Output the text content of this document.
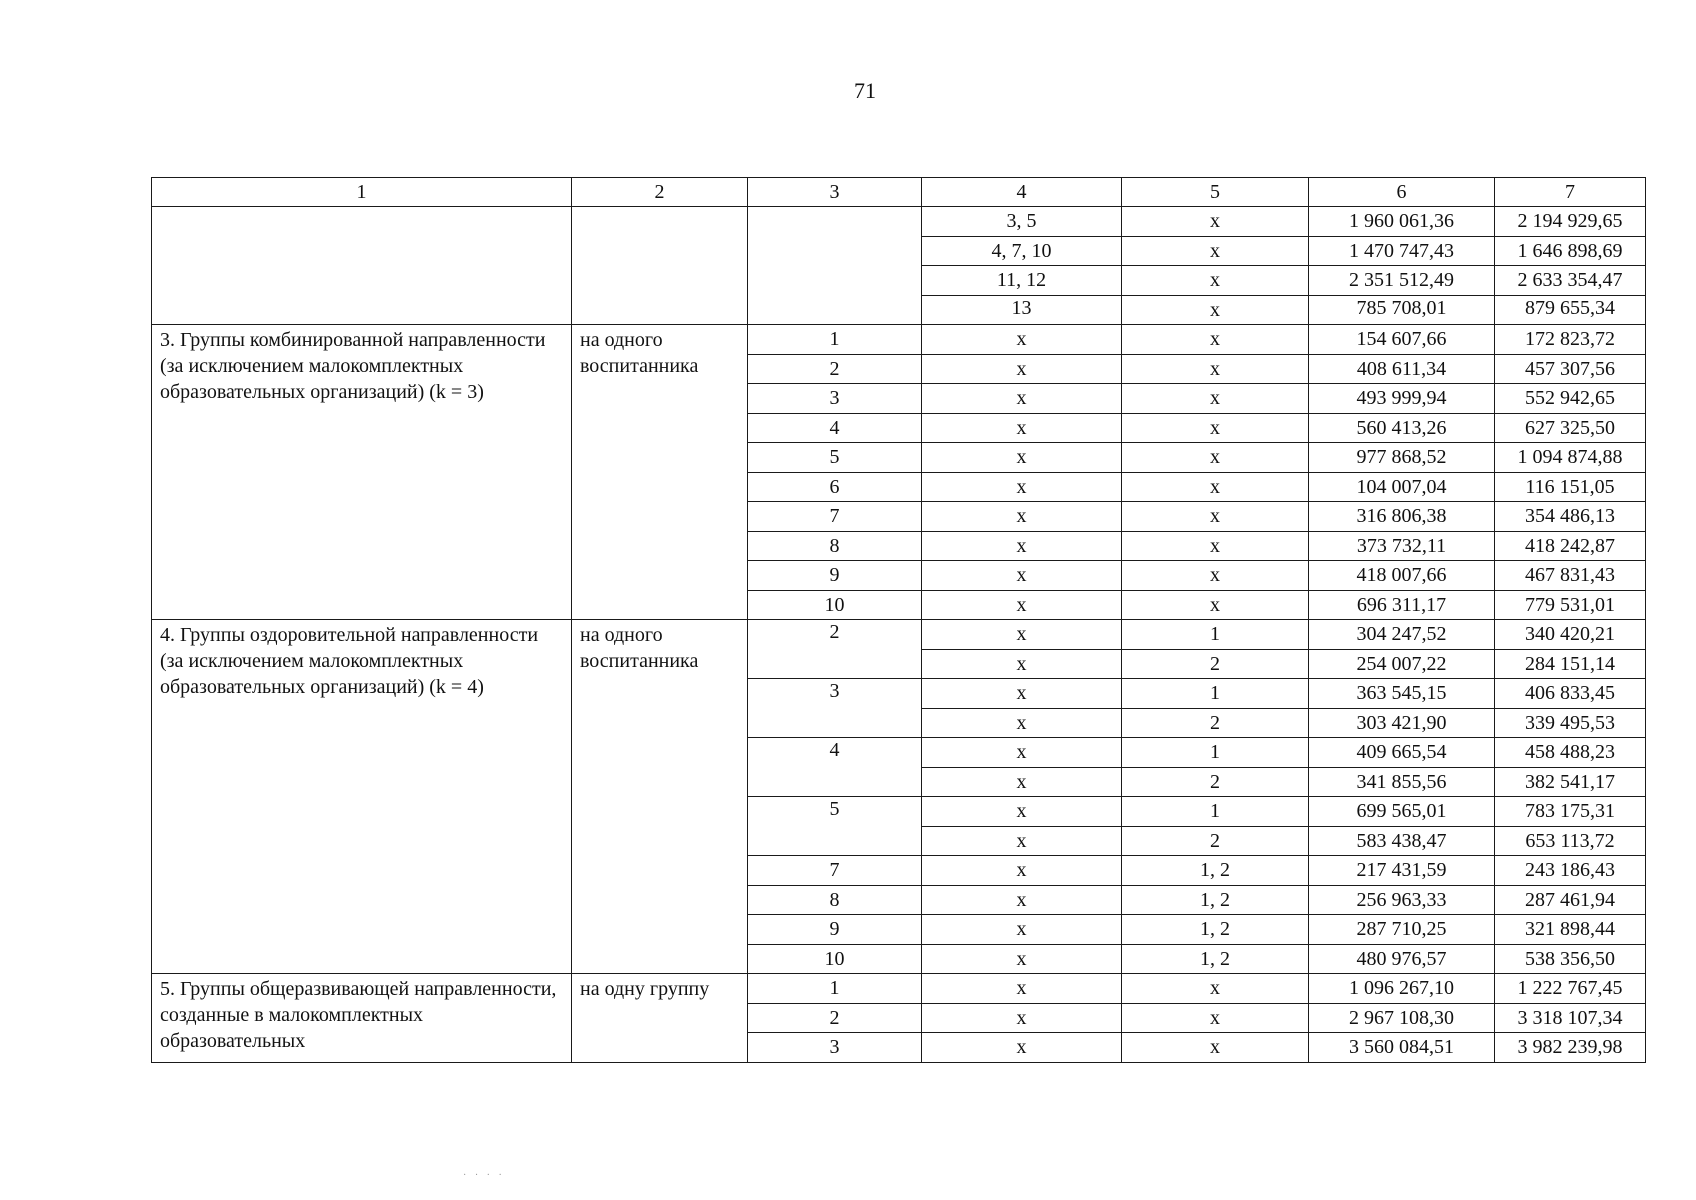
71
1	2	3	4	5	6	7
			3, 5	х	1 960 061,36	2 194 929,65
			4, 7, 10	х	1 470 747,43	1 646 898,69
			11, 12	х	2 351 512,49	2 633 354,47
			13	х	785 708,01	879 655,34

3. Группы комбинированной направленности (за исключением малокомплектных образовательных организаций) (k = 3)	на одного воспитанника	1	х	х	154 607,66	172 823,72
		2	х	х	408 611,34	457 307,56
		3	х	х	493 999,94	552 942,65
		4	х	х	560 413,26	627 325,50
		5	х	х	977 868,52	1 094 874,88
		6	х	х	104 007,04	116 151,05
		7	х	х	316 806,38	354 486,13
		8	х	х	373 732,11	418 242,87
		9	х	х	418 007,66	467 831,43
		10	х	х	696 311,17	779 531,01
4. Группы оздоровительной направленности (за исключением малокомплектных образовательных организаций) (k = 4)	на одного воспитанника	2	х	1	304 247,52	340 420,21
			х	2	254 007,22	284 151,14
		3	х	1	363 545,15	406 833,45
			х	2	303 421,90	339 495,53
		4	х	1	409 665,54	458 488,23
			х	2	341 855,56	382 541,17
		5	х	1	699 565,01	783 175,31
			х	2	583 438,47	653 113,72
		7	х	1, 2	217 431,59	243 186,43
		8	х	1, 2	256 963,33	287 461,94
		9	х	1, 2	287 710,25	321 898,44
		10	х	1, 2	480 976,57	538 356,50
5. Группы общеразвивающей направленности, созданные в малокомплектных образовательных	на одну группу	1	х	х	1 096 267,10	1 222 767,45
		2	х	х	2 967 108,30	3 318 107,34
		3	х	х	3 560 084,51	3 982 239,98
· · · ·
